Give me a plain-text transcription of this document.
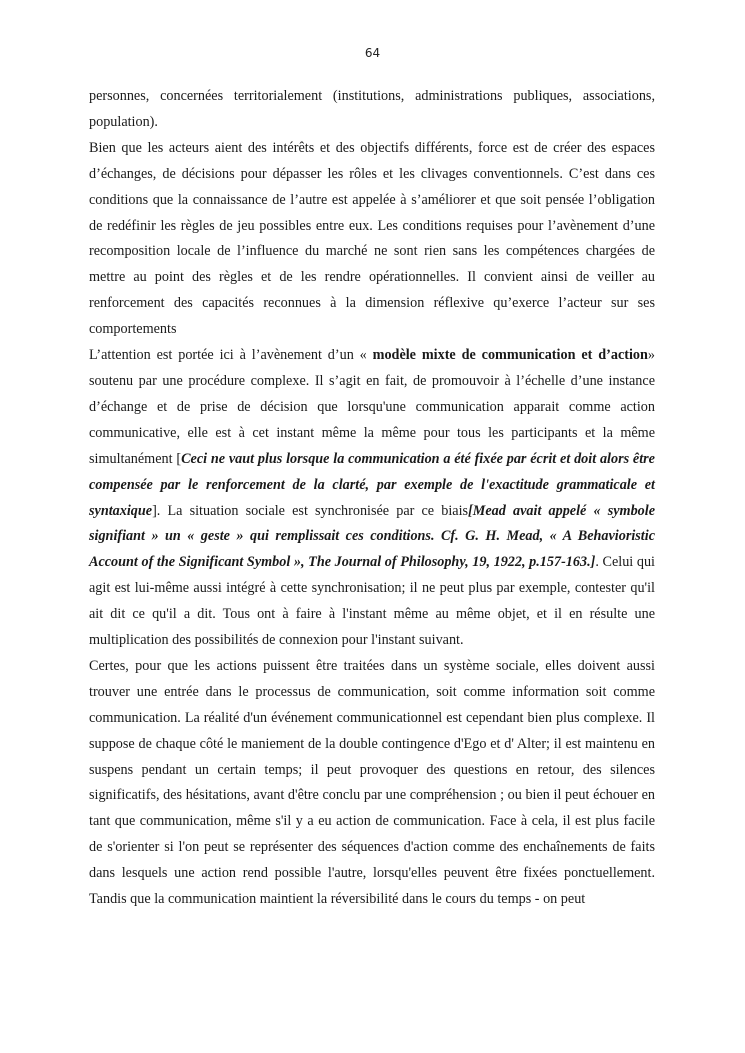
64

personnes, concernées territorialement (institutions, administrations publiques, associations, population).

Bien que les acteurs aient des intérêts et des objectifs différents, force est de créer des espaces d’échanges, de décisions pour dépasser les rôles et les clivages conventionnels. C’est dans ces conditions que la connaissance de l’autre est appelée à s’améliorer et que soit pensée l’obligation de redéfinir les règles de jeu possibles entre eux. Les conditions requises pour l’avènement d’une recomposition locale de l’influence du marché ne sont rien sans les compétences chargées de mettre au point des règles et de les rendre opérationnelles. Il convient ainsi de veiller au renforcement des capacités reconnues à la dimension réflexive qu’exerce l’acteur sur ses comportements

L’attention est portée ici à l’avènement d’un « modèle mixte de communication et d’action» soutenu par une procédure complexe. Il s’agit en fait, de promouvoir à l’échelle d’une instance d’échange et de prise de décision que lorsqu'une communication apparait comme action communicative, elle est à cet instant même la même pour tous les participants et la même simultanément [Ceci ne vaut plus lorsque la communication a été fixée par écrit et doit alors être compensée par le renforcement de la clarté, par exemple de l'exactitude grammaticale et syntaxique]. La situation sociale est synchronisée par ce biais[Mead avait appelé « symbole signifiant » un « geste » qui remplissait ces conditions. Cf. G. H. Mead, « A Behavioristic Account of the Significant Symbol », The Journal of Philosophy, 19, 1922, p.157-163.]. Celui qui agit est lui-même aussi intégré à cette synchronisation; il ne peut plus par exemple, contester qu'il ait dit ce qu'il a dit. Tous ont à faire à l'instant même au même objet, et il en résulte une multiplication des possibilités de connexion pour l'instant suivant.

Certes, pour que les actions puissent être traitées dans un système sociale, elles doivent aussi trouver une entrée dans le processus de communication, soit comme information soit comme communication. La réalité d'un événement communicationnel est cependant bien plus complexe. Il suppose de chaque côté le maniement de la double contingence d'Ego et d' Alter; il est maintenu en suspens pendant un certain temps; il peut provoquer des questions en retour, des silences significatifs, des hésitations, avant d'être conclu par une compréhension ; ou bien il peut échouer en tant que communication, même s'il y a eu action de communication. Face à cela, il est plus facile de s'orienter si l'on peut se représenter des séquences d'action comme des enchaînements de faits dans lesquels une action rend possible l'autre, lorsqu'elles peuvent être fixées ponctuellement. Tandis que la communication maintient la réversibilité dans le cours du temps - on peut
